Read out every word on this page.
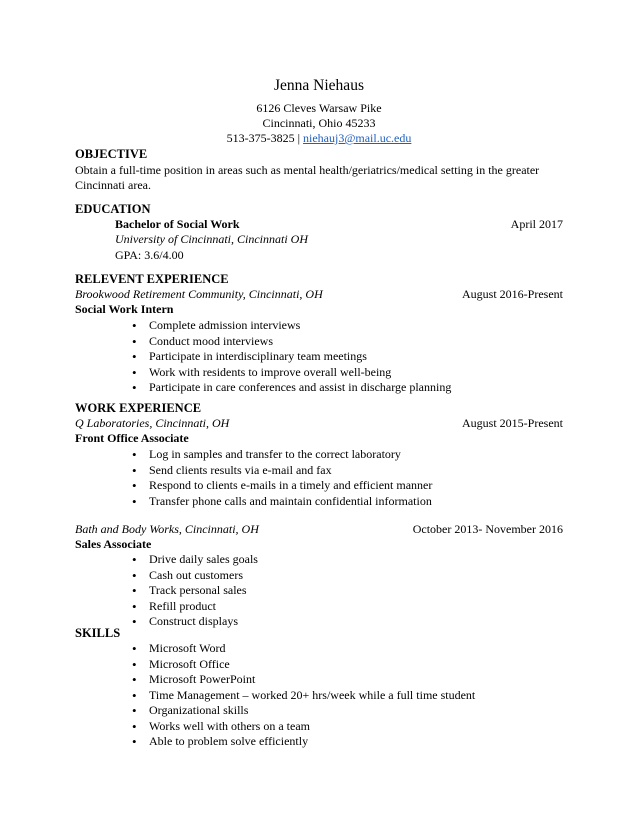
Jenna Niehaus
6126 Cleves Warsaw Pike
Cincinnati, Ohio 45233
513-375-3825 | niehauj3@mail.uc.edu
OBJECTIVE
Obtain a full-time position in areas such as mental health/geriatrics/medical setting in the greater
Cincinnati area.
EDUCATION
Bachelor of Social Work	April 2017
University of Cincinnati, Cincinnati OH
GPA: 3.6/4.00
RELEVENT EXPERIENCE
Brookwood Retirement Community, Cincinnati, OH	August 2016-Present
Social Work Intern
• Complete admission interviews
• Conduct mood interviews
• Participate in interdisciplinary team meetings
• Work with residents to improve overall well-being
• Participate in care conferences and assist in discharge planning
WORK EXPERIENCE
Q Laboratories, Cincinnati, OH	August 2015-Present
Front Office Associate
• Log in samples and transfer to the correct laboratory
• Send clients results via e-mail and fax
• Respond to clients e-mails in a timely and efficient manner
• Transfer phone calls and maintain confidential information
Bath and Body Works, Cincinnati, OH	October 2013- November 2016
Sales Associate
• Drive daily sales goals
• Cash out customers
• Track personal sales
• Refill product
• Construct displays
SKILLS
• Microsoft Word
• Microsoft Office
• Microsoft PowerPoint
• Time Management – worked 20+ hrs/week while a full time student
• Organizational skills
• Works well with others on a team
• Able to problem solve efficiently
